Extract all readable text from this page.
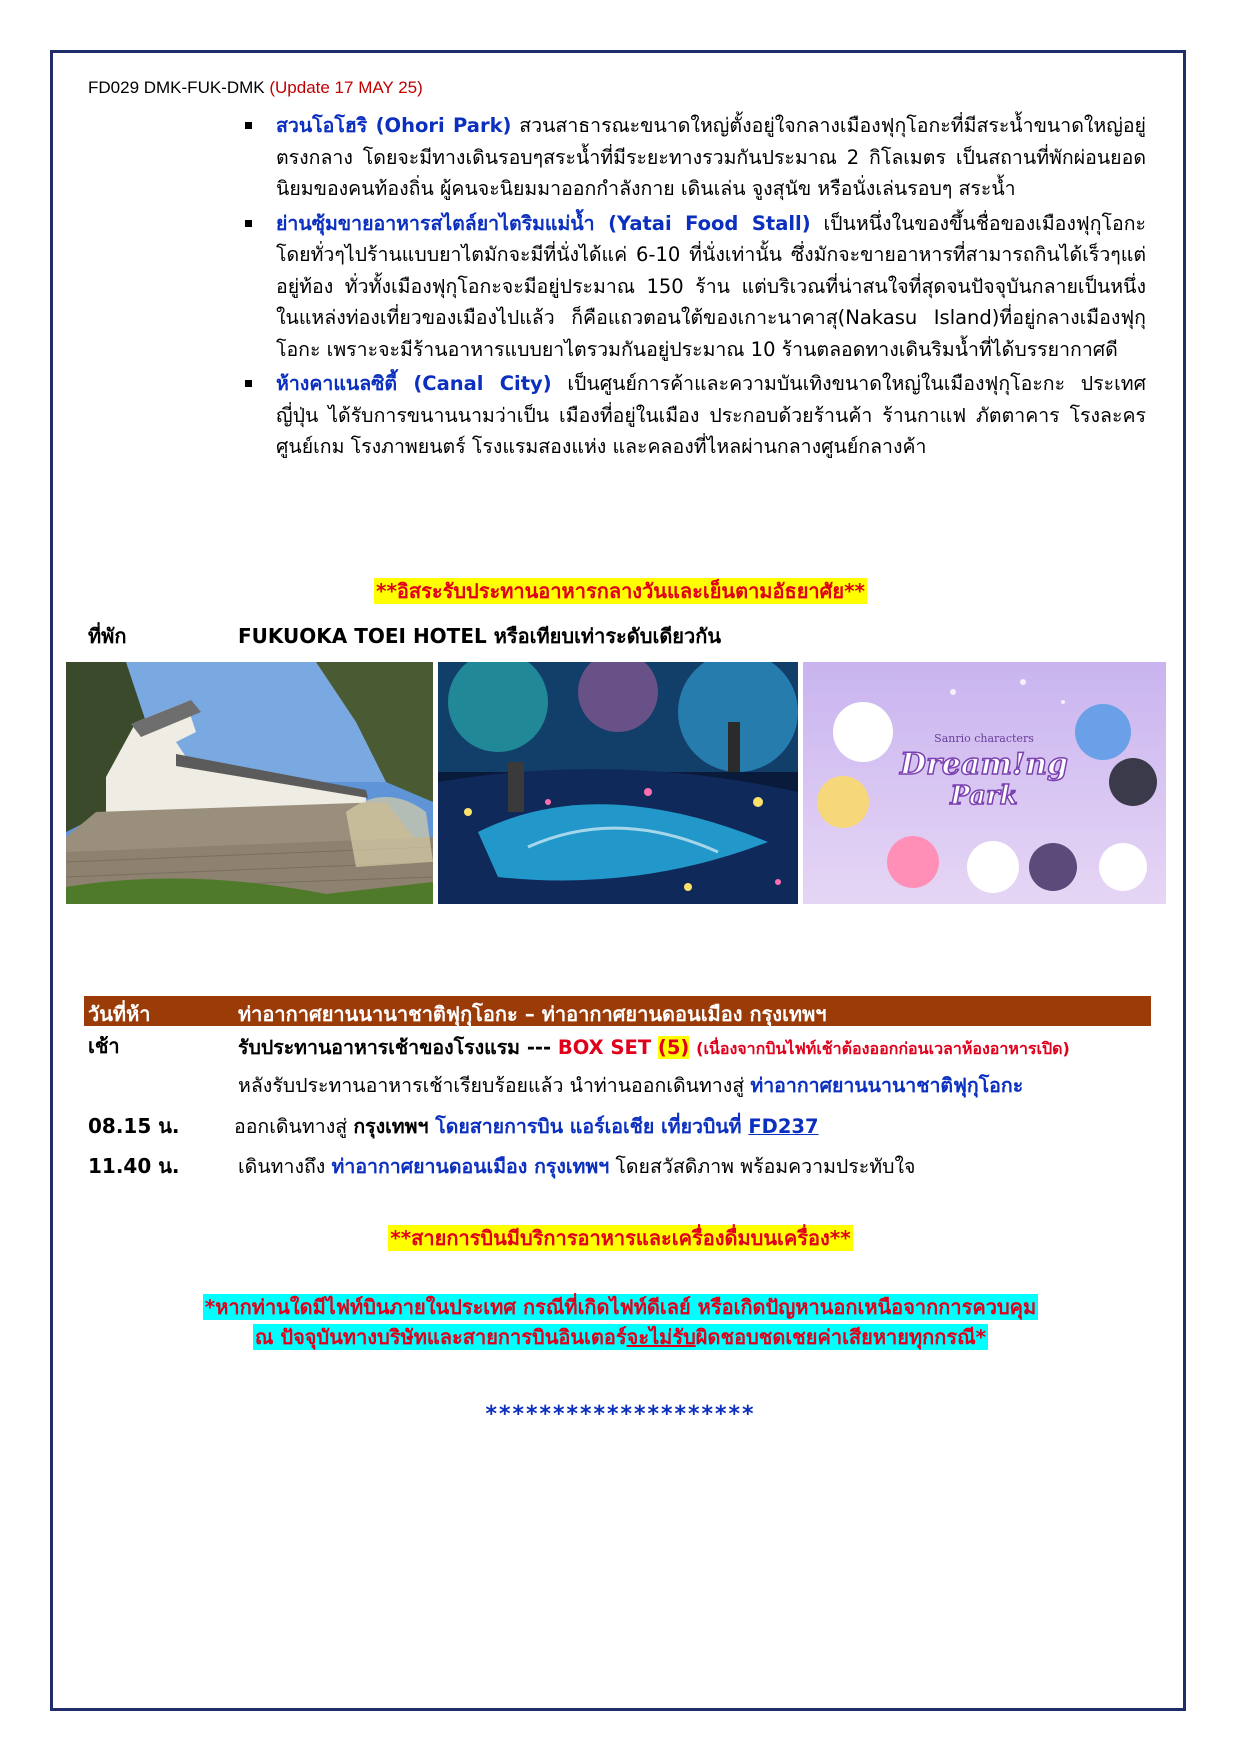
FD029 DMK-FUK-DMK (Update 17 MAY 25)
สวนโอโฮริ (Ohori Park) สวนสาธารณะขนาดใหญ่ตั้งอยู่ใจกลางเมืองฟุกุโอกะที่มีสระน้ำขนาดใหญ่อยู่ตรงกลาง โดยจะมีทางเดินรอบๆสระน้ำที่มีระยะทางรวมกันประมาณ 2 กิโลเมตร เป็นสถานที่พักผ่อนยอดนิยมของคนท้องถิ่น ผู้คนจะนิยมมาออกกำลังกาย เดินเล่น จูงสุนัข หรือนั่งเล่นรอบๆ สระน้ำ
ย่านซุ้มขายอาหารสไตล์ยาไตริมแม่น้ำ (Yatai Food Stall) เป็นหนึ่งในของขึ้นชื่อของเมืองฟุกุโอกะ โดยทั่วๆไปร้านแบบยาไตมักจะมีที่นั่งได้แค่ 6-10 ที่นั่งเท่านั้น ซึ่งมักจะขายอาหารที่สามารถกินได้เร็วๆแต่อยู่ท้อง ทั่วทั้งเมืองฟุกุโอกะจะมีอยู่ประมาณ 150 ร้าน แต่บริเวณที่น่าสนใจที่สุดจนปัจจุบันกลายเป็นหนึ่งในแหล่งท่องเที่ยวของเมืองไปแล้ว ก็คือแถวตอนใต้ของเกาะนาคาสุ(Nakasu Island)ที่อยู่กลางเมืองฟุกุโอกะ เพราะจะมีร้านอาหารแบบยาไตรวมกันอยู่ประมาณ 10 ร้านตลอดทางเดินริมน้ำที่ได้บรรยากาศดี
ห้างคาแนลซิตี้ (Canal City) เป็นศูนย์การค้าและความบันเทิงขนาดใหญ่ในเมืองฟุกุโอะกะ ประเทศญี่ปุ่น ได้รับการขนานนามว่าเป็น เมืองที่อยู่ในเมือง ประกอบด้วยร้านค้า ร้านกาแฟ ภัตตาคาร โรงละคร ศูนย์เกม โรงภาพยนตร์ โรงแรมสองแห่ง และคลองที่ไหลผ่านกลางศูนย์กลางค้า
**อิสระรับประทานอาหารกลางวันและเย็นตามอัธยาศัย**
ที่พัก	FUKUOKA TOEI HOTEL หรือเทียบเท่าระดับเดียวกัน
Sanrio characters
Dream!ng
Park
วันที่ห้า	ท่าอากาศยานนานาชาติฟุกุโอกะ – ท่าอากาศยานดอนเมือง กรุงเทพฯ
เช้า	รับประทานอาหารเช้าของโรงแรม --- BOX SET (5) (เนื่องจากบินไฟท์เช้าต้องออกก่อนเวลาห้องอาหารเปิด)
หลังรับประทานอาหารเช้าเรียบร้อยแล้ว นำท่านออกเดินทางสู่ ท่าอากาศยานนานาชาติฟุกุโอกะ
08.15 น.	ออกเดินทางสู่ กรุงเทพฯ โดยสายการบิน แอร์เอเชีย เที่ยวบินที่ FD237
11.40 น.	เดินทางถึง ท่าอากาศยานดอนเมือง กรุงเทพฯ โดยสวัสดิภาพ พร้อมความประทับใจ
**สายการบินมีบริการอาหารและเครื่องดื่มบนเครื่อง**
*หากท่านใดมีไฟท์บินภายในประเทศ กรณีที่เกิดไฟท์ดีเลย์ หรือเกิดปัญหานอกเหนือจากการควบคุม
ณ ปัจจุบันทางบริษัทและสายการบินอินเตอร์จะไม่รับผิดชอบชดเชยค่าเสียหายทุกกรณี*
********************
